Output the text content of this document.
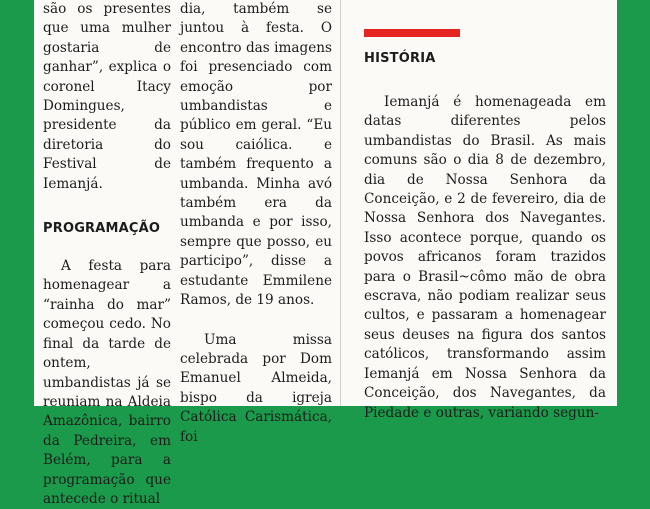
são os presentes que uma mulher gostaria de ganhar”, explica o coronel Itacy Domingues, presidente da diretoria do Festival de Iemanjá.

PROGRAMAÇÃO

A festa para homenagear a “rainha do mar” começou cedo. No final da tarde de ontem, umbandistas já se reuniam na Aldeia Amazônica, bairro da Pedreira, em Belém, para a programação que antecede o ritual

dia, também se juntou à festa. O encontro das imagens foi presenciado com emoção por umbandistas e público em geral. “Eu sou caiólica. e também frequento a umbanda. Minha avó também era da umbanda e por isso, sempre que posso, eu participo”, disse a estudante Emmilene Ramos, de 19 anos.

Uma missa celebrada por Dom Emanuel Almeida, bispo da igreja Católica Carismática, foi

HISTÓRIA

Iemanjá é homenageada em datas diferentes pelos umbandistas do Brasil. As mais comuns são o dia 8 de dezembro, dia de Nossa Senhora da Conceição, e 2 de fevereiro, dia de Nossa Senhora dos Navegantes. Isso acontece porque, quando os povos africanos foram trazidos para o Brasil~cômo mão de obra escrava, não podiam realizar seus cultos, e passaram a homenagear seus deuses na figura dos santos católicos, transformando assim Iemanjá em Nossa Senhora da Conceição, dos Navegantes, da Piedade e outras, variando segun-
